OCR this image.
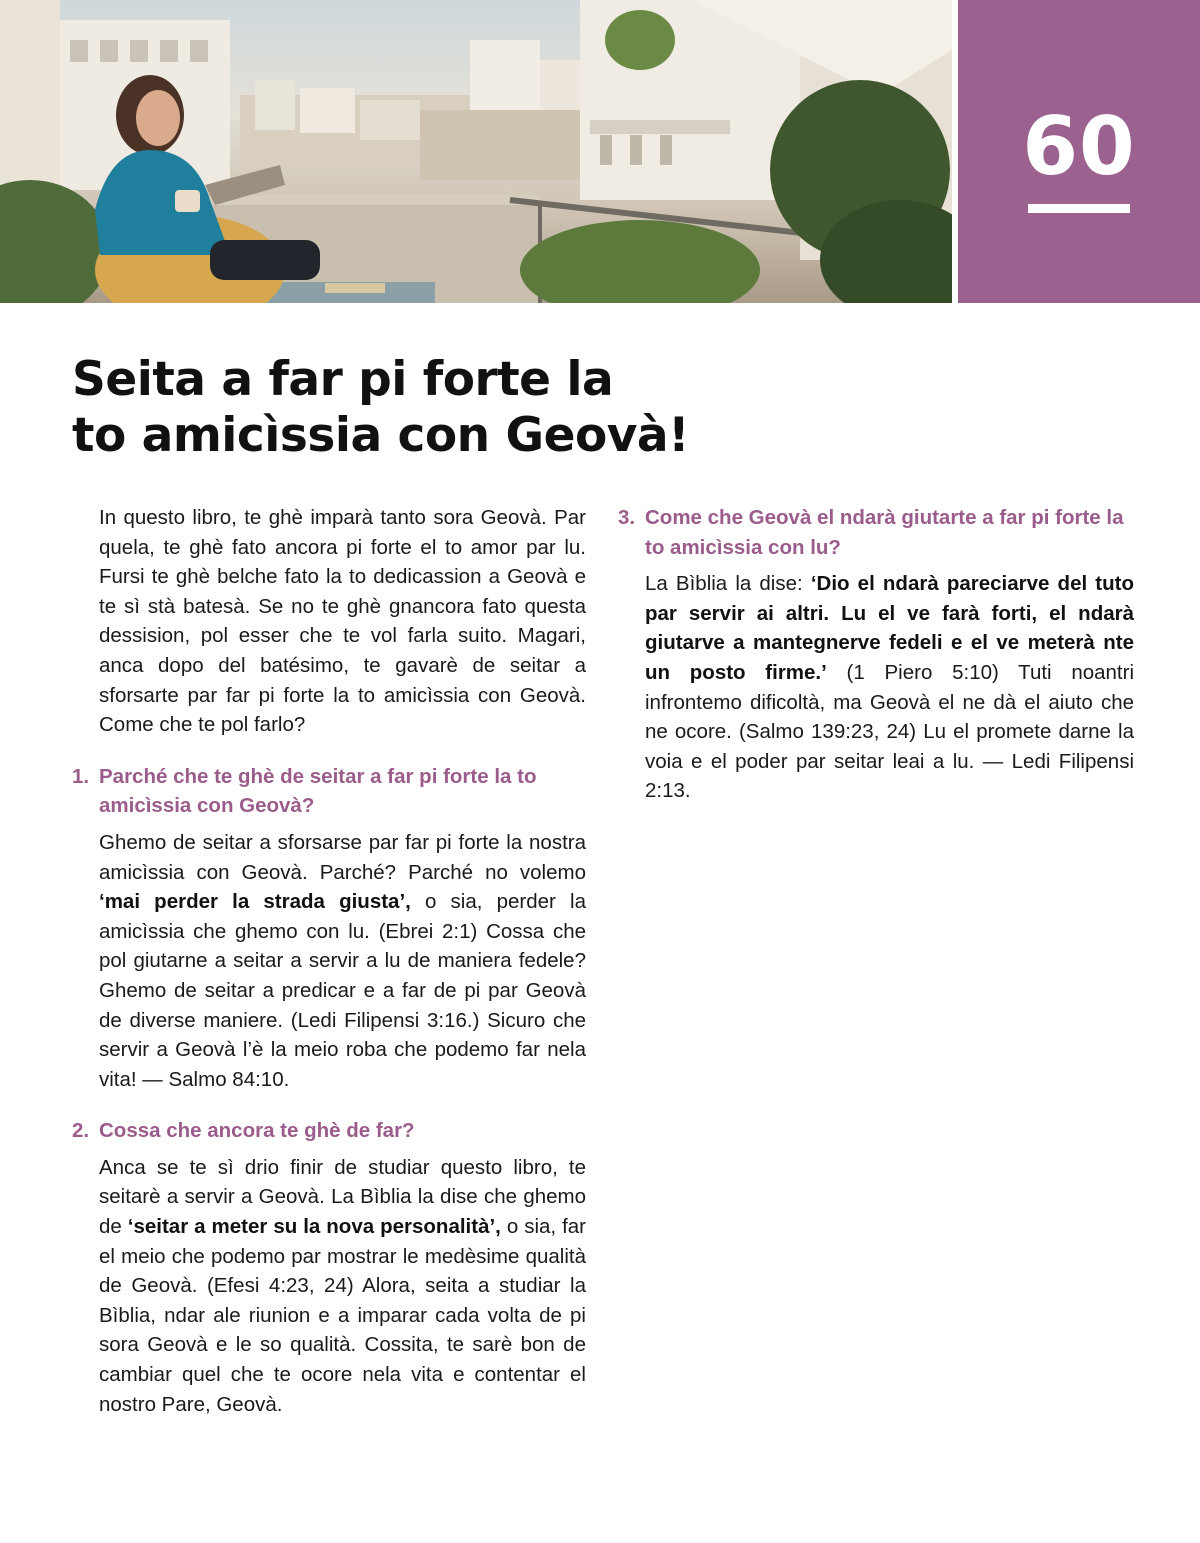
60
Seita a far pi forte la
to amicìssia con Geovà!

In questo libro, te ghè imparà tanto sora Geovà. Par quela, te ghè fato ancora pi forte el to amor par lu. Fursi te ghè belche fato la to dedicassion a Geovà e te sì stà batesà. Se no te ghè gnancora fato questa dessision, pol esser che te vol farla suito. Magari, anca dopo del batésimo, te gavarè de seitar a sforsarte par far pi forte la to amicìssia con Geovà. Come che te pol farlo?

1. Parché che te ghè de seitar a far pi forte la to amicìssia con Geovà?

Ghemo de seitar a sforsarse par far pi forte la nostra amicìssia con Geovà. Parché? Parché no volemo ‘mai perder la strada giusta’, o sia, perder la amicìssia che ghemo con lu. (Ebrei 2:1) Cossa che pol giutarne a seitar a servir a lu de maniera fedele? Ghemo de seitar a predicar e a far de pi par Geovà de diverse maniere. (Ledi Filipensi 3:16.) Sicuro che servir a Geovà l’è la meio roba che podemo far nela vita! — Salmo 84:10.

2. Cossa che ancora te ghè de far?

Anca se te sì drio finir de studiar questo libro, te seitarè a servir a Geovà. La Bìblia la dise che ghemo de ‘seitar a meter su la nova personalità’, o sia, far el meio che podemo par mostrar le medèsime qualità de Geovà. (Efesi 4:23, 24) Alora, seita a studiar la Bìblia, ndar ale riunion e a imparar cada volta de pi sora Geovà e le so qualità. Cossita, te sarè bon de cambiar quel che te ocore nela vita e contentar el nostro Pare, Geovà.

3. Come che Geovà el ndarà giutarte a far pi forte la to amicìssia con lu?

La Bìblia la dise: ‘Dio el ndarà pareciarve del tuto par servir ai altri. Lu el ve farà forti, el ndarà giutarve a mantegnerve fedeli e el ve meterà nte un posto firme.’ (1 Piero 5:10) Tuti noantri infrontemo dificoltà, ma Geovà el ne dà el aiuto che ne ocore. (Salmo 139:23, 24) Lu el promete darne la voia e el poder par seitar leai a lu. — Ledi Filipensi 2:13.
